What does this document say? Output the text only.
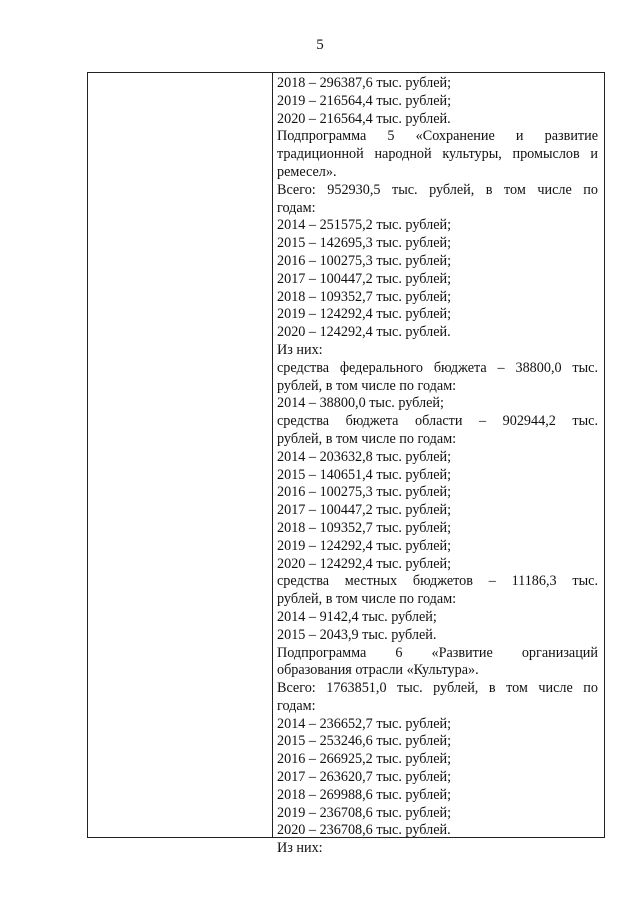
5
2018 – 296387,6 тыс. рублей;
2019 – 216564,4 тыс. рублей;
2020 – 216564,4 тыс. рублей.
Подпрограмма 5 «Сохранение и развитие
традиционной народной культуры, промыслов и
ремесел».
Всего: 952930,5 тыс. рублей, в том числе по
годам:
2014 – 251575,2 тыс. рублей;
2015 – 142695,3 тыс. рублей;
2016 – 100275,3 тыс. рублей;
2017 – 100447,2 тыс. рублей;
2018 – 109352,7 тыс. рублей;
2019 – 124292,4 тыс. рублей;
2020 – 124292,4 тыс. рублей.
Из них:
средства федерального бюджета – 38800,0 тыс.
рублей, в том числе по годам:
2014 – 38800,0 тыс. рублей;
средства бюджета области – 902944,2 тыс.
рублей, в том числе по годам:
2014 – 203632,8 тыс. рублей;
2015 – 140651,4 тыс. рублей;
2016 – 100275,3 тыс. рублей;
2017 – 100447,2 тыс. рублей;
2018 – 109352,7 тыс. рублей;
2019 – 124292,4 тыс. рублей;
2020 – 124292,4 тыс. рублей;
средства местных бюджетов – 11186,3 тыс.
рублей, в том числе по годам:
2014 – 9142,4 тыс. рублей;
2015 – 2043,9 тыс. рублей.
Подпрограмма 6 «Развитие организаций
образования отрасли «Культура».
Всего: 1763851,0 тыс. рублей, в том числе по
годам:
2014 – 236652,7 тыс. рублей;
2015 – 253246,6 тыс. рублей;
2016 – 266925,2 тыс. рублей;
2017 – 263620,7 тыс. рублей;
2018 – 269988,6 тыс. рублей;
2019 – 236708,6 тыс. рублей;
2020 – 236708,6 тыс. рублей.
Из них:
